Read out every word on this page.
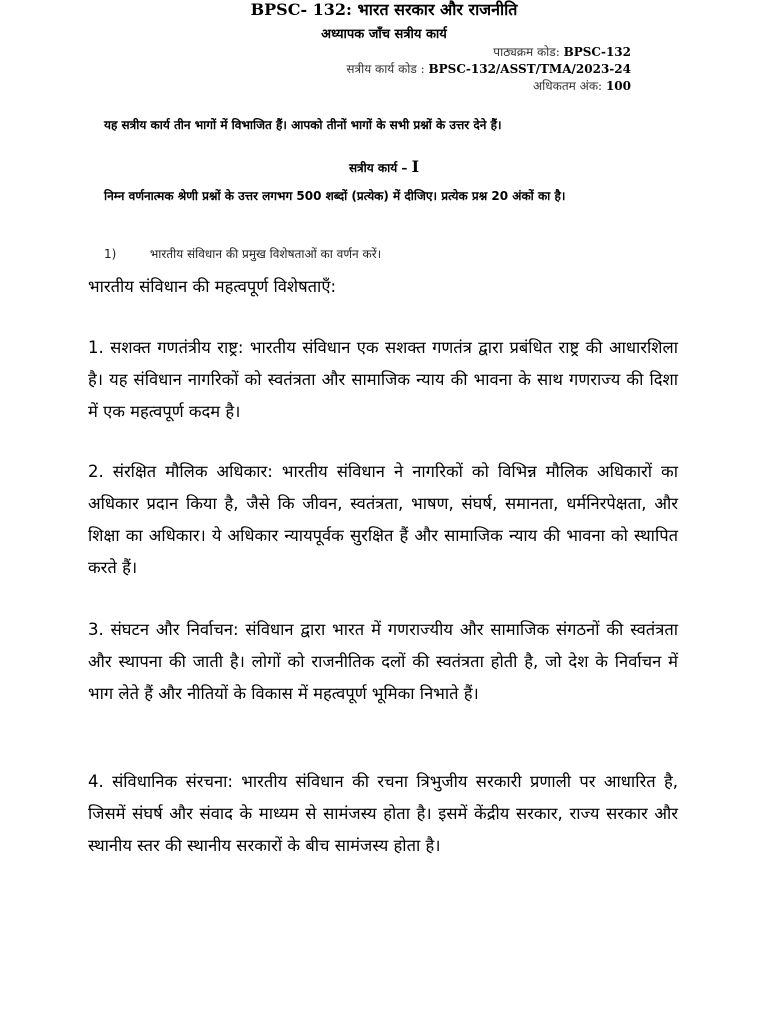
BPSC- 132: भारत सरकार और राजनीति
अध्यापक जाँच सत्रीय कार्य
पाठ्यक्रम कोड: BPSC-132
सत्रीय कार्य कोड : BPSC-132/ASST/TMA/2023-24
अधिकतम अंक: 100
यह सत्रीय कार्य तीन भागों में विभाजित हैं। आपको तीनों भागों के सभी प्रश्नों के उत्तर देने हैं।
सत्रीय कार्य – I
निम्न वर्णनात्मक श्रेणी प्रश्नों के उत्तर लगभग 500 शब्दों (प्रत्येक) में दीजिए। प्रत्येक प्रश्न 20 अंकों का है।
1)	भारतीय संविधान की प्रमुख विशेषताओं का वर्णन करें।
भारतीय संविधान की महत्वपूर्ण विशेषताएँ:
1. सशक्त गणतंत्रीय राष्ट्र: भारतीय संविधान एक सशक्त गणतंत्र द्वारा प्रबंधित राष्ट्र की आधारशिला है। यह संविधान नागरिकों को स्वतंत्रता और सामाजिक न्याय की भावना के साथ गणराज्य की दिशा में एक महत्वपूर्ण कदम है।
2. संरक्षित मौलिक अधिकार: भारतीय संविधान ने नागरिकों को विभिन्न मौलिक अधिकारों का अधिकार प्रदान किया है, जैसे कि जीवन, स्वतंत्रता, भाषण, संघर्ष, समानता, धर्मनिरपेक्षता, और शिक्षा का अधिकार। ये अधिकार न्यायपूर्वक सुरक्षित हैं और सामाजिक न्याय की भावना को स्थापित करते हैं।
3. संघटन और निर्वाचन: संविधान द्वारा भारत में गणराज्यीय और सामाजिक संगठनों की स्वतंत्रता और स्थापना की जाती है। लोगों को राजनीतिक दलों की स्वतंत्रता होती है, जो देश के निर्वाचन में भाग लेते हैं और नीतियों के विकास में महत्वपूर्ण भूमिका निभाते हैं।
4. संविधानिक संरचना: भारतीय संविधान की रचना त्रिभुजीय सरकारी प्रणाली पर आधारित है, जिसमें संघर्ष और संवाद के माध्यम से सामंजस्य होता है। इसमें केंद्रीय सरकार, राज्य सरकार और स्थानीय स्तर की स्थानीय सरकारों के बीच सामंजस्य होता है।
